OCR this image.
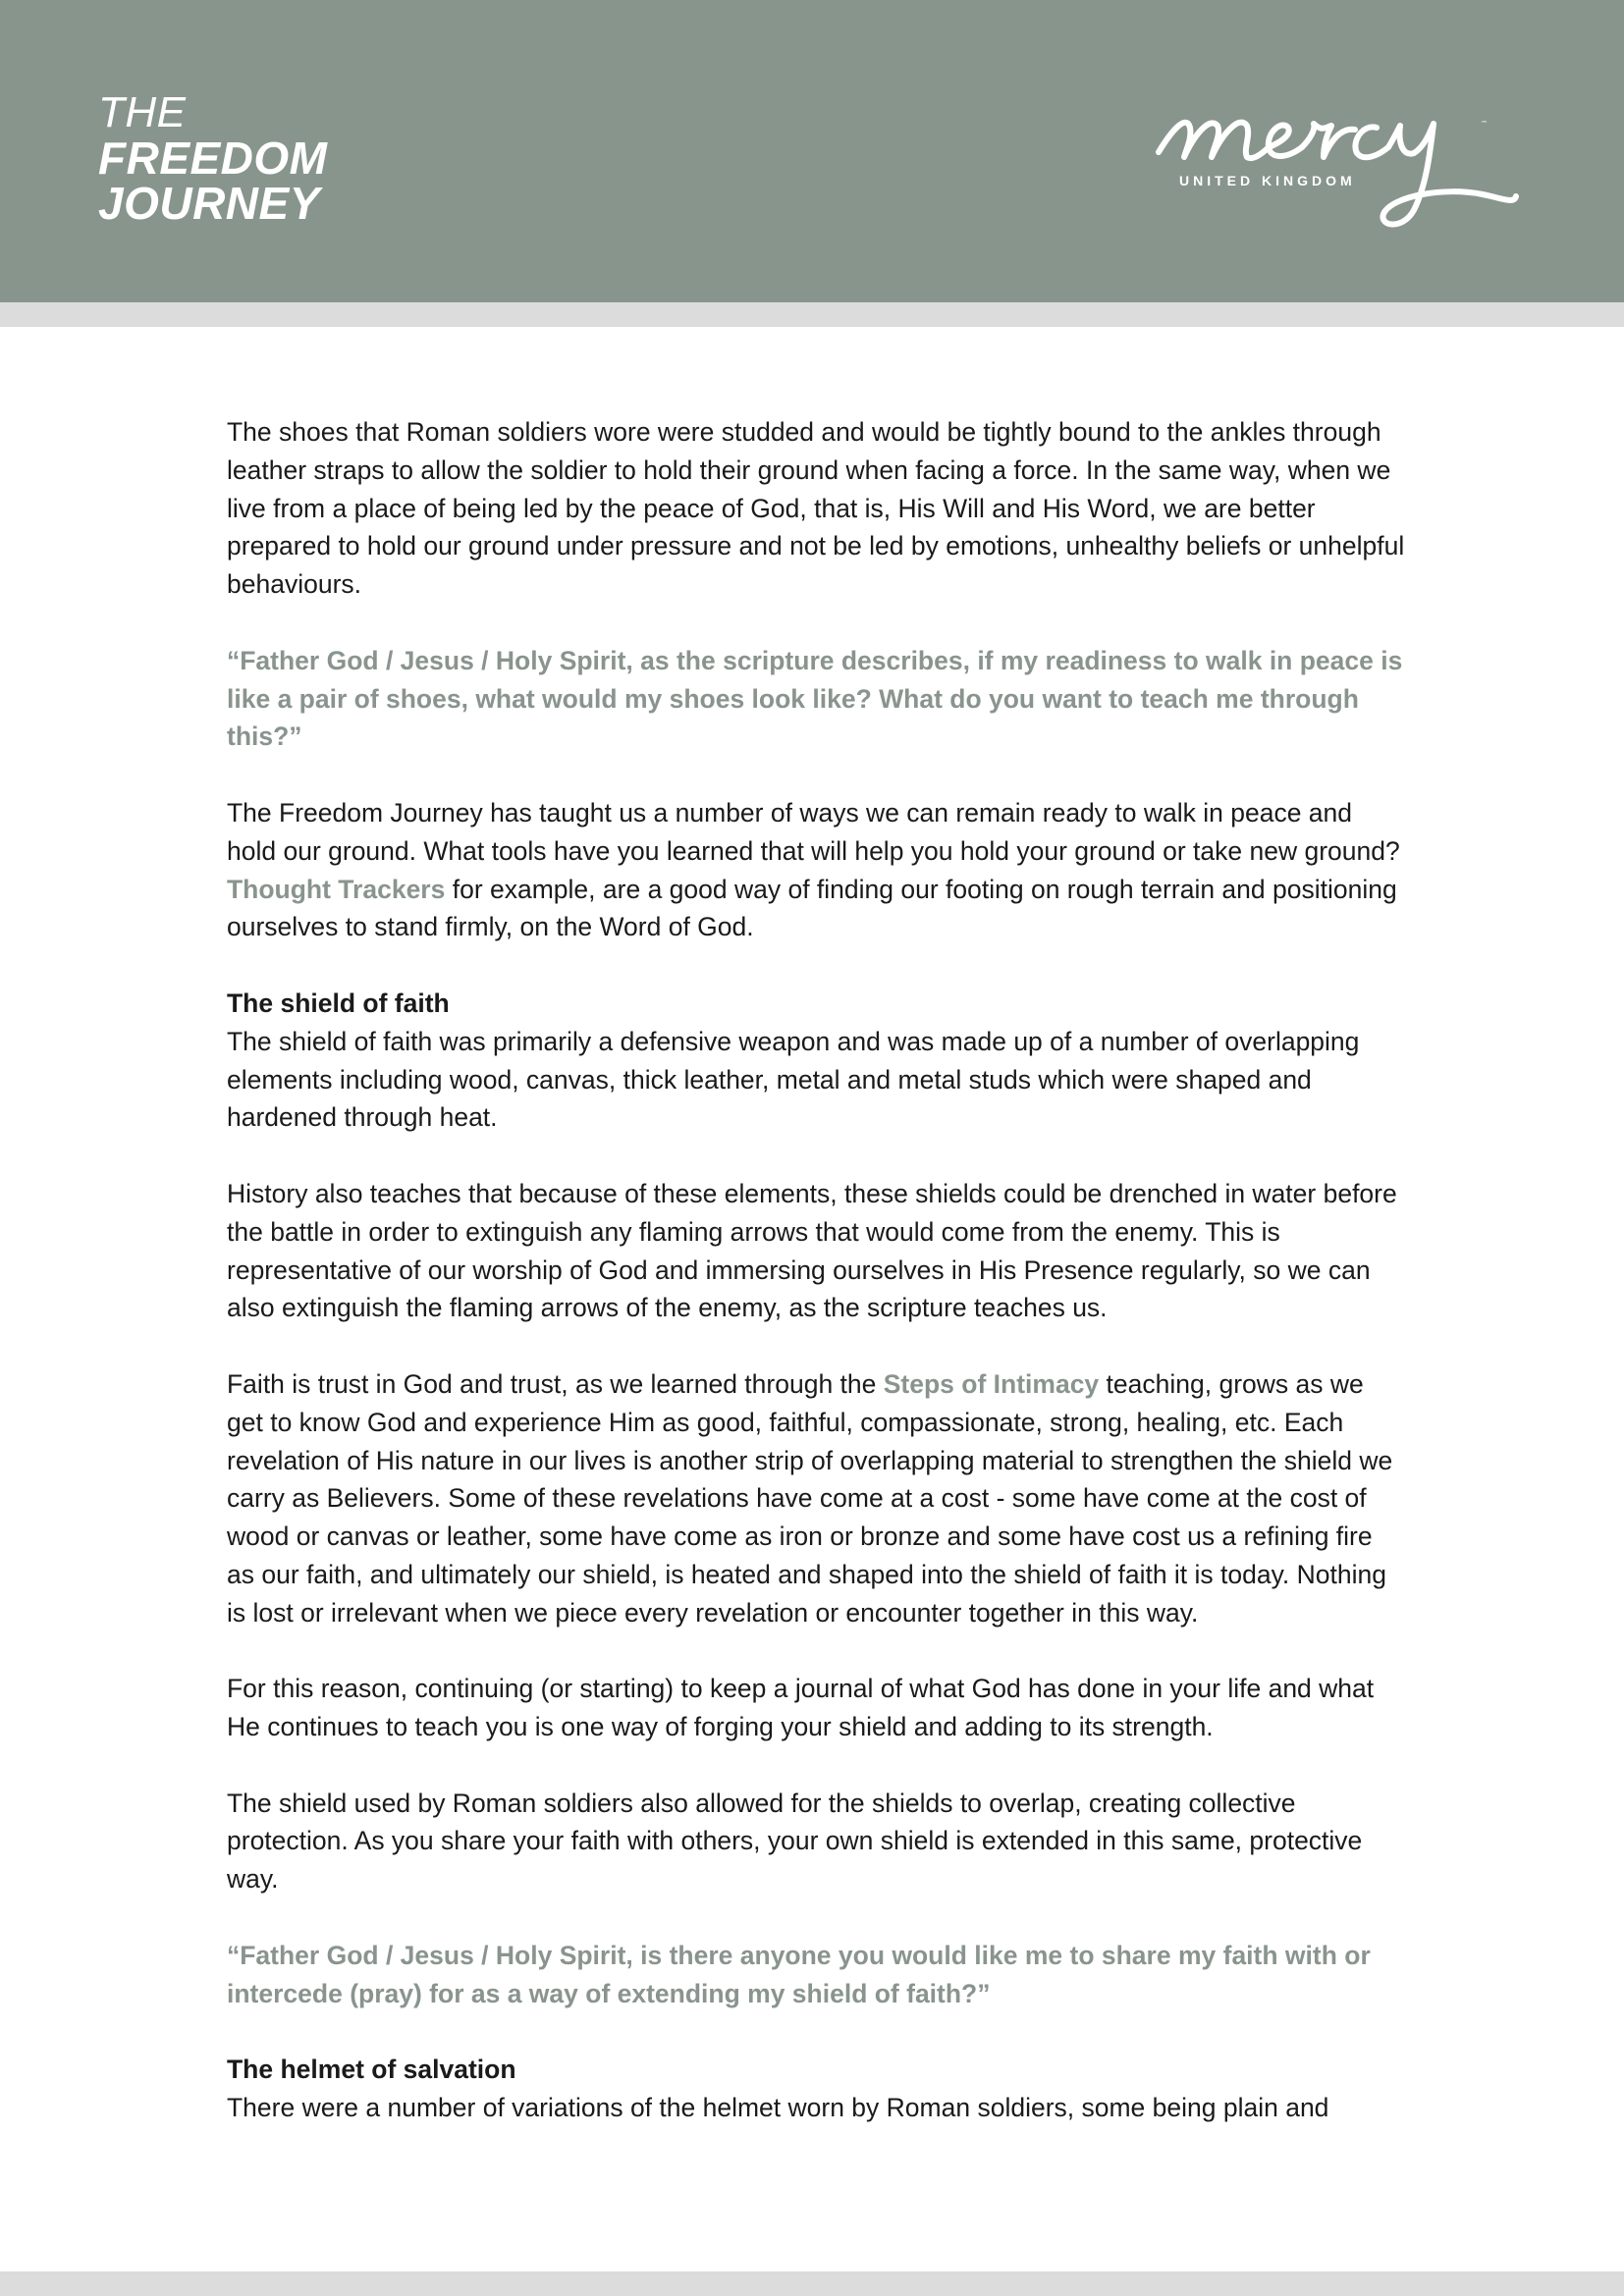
THE
FREEDOM
JOURNEY
™
UNITED KINGDOM

The shoes that Roman soldiers wore were studded and would be tightly bound to the ankles through leather straps to allow the soldier to hold their ground when facing a force. In the same way, when we live from a place of being led by the peace of God, that is, His Will and His Word, we are better prepared to hold our ground under pressure and not be led by emotions, unhealthy beliefs or unhelpful behaviours.

“Father God / Jesus / Holy Spirit, as the scripture describes, if my readiness to walk in peace is like a pair of shoes, what would my shoes look like? What do you want to teach me through this?”

The Freedom Journey has taught us a number of ways we can remain ready to walk in peace and hold our ground. What tools have you learned that will help you hold your ground or take new ground? Thought Trackers for example, are a good way of finding our footing on rough terrain and positioning ourselves to stand firmly, on the Word of God.

The shield of faith
The shield of faith was primarily a defensive weapon and was made up of a number of overlapping elements including wood, canvas, thick leather, metal and metal studs which were shaped and hardened through heat.

History also teaches that because of these elements, these shields could be drenched in water before the battle in order to extinguish any flaming arrows that would come from the enemy. This is representative of our worship of God and immersing ourselves in His Presence regularly, so we can also extinguish the flaming arrows of the enemy, as the scripture teaches us.

Faith is trust in God and trust, as we learned through the Steps of Intimacy teaching, grows as we get to know God and experience Him as good, faithful, compassionate, strong, healing, etc. Each revelation of His nature in our lives is another strip of overlapping material to strengthen the shield we carry as Believers. Some of these revelations have come at a cost - some have come at the cost of wood or canvas or leather, some have come as iron or bronze and some have cost us a refining fire as our faith, and ultimately our shield, is heated and shaped into the shield of faith it is today. Nothing is lost or irrelevant when we piece every revelation or encounter together in this way.

For this reason, continuing (or starting) to keep a journal of what God has done in your life and what He continues to teach you is one way of forging your shield and adding to its strength.

The shield used by Roman soldiers also allowed for the shields to overlap, creating collective protection. As you share your faith with others, your own shield is extended in this same, protective way.

“Father God / Jesus / Holy Spirit, is there anyone you would like me to share my faith with or intercede (pray) for as a way of extending my shield of faith?”

The helmet of salvation
There were a number of variations of the helmet worn by Roman soldiers, some being plain and
